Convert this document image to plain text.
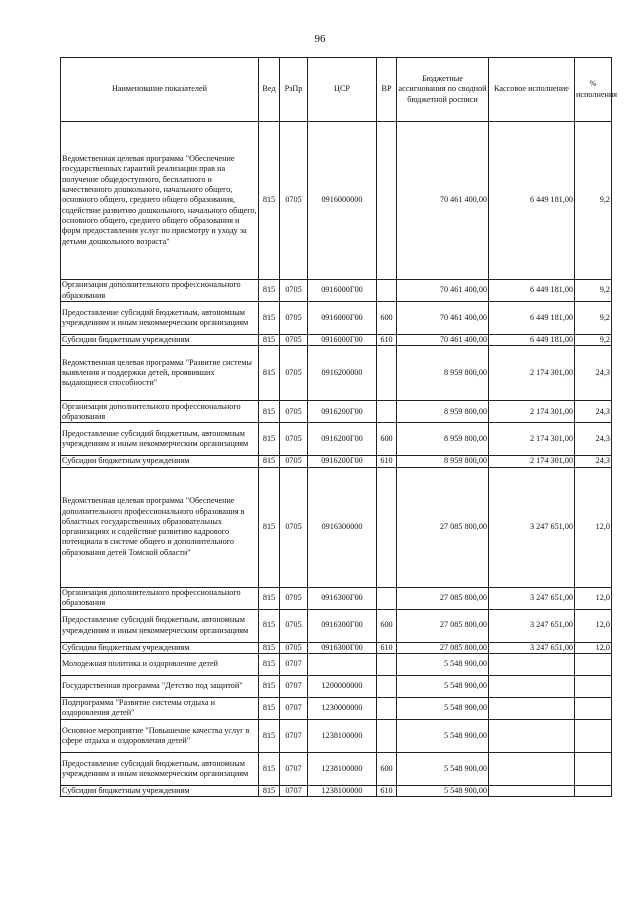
96
Наименование показателей	Вед	РзПр	ЦСР	ВР	Бюджетные ассигнования по сводной бюджетной росписи	Кассовое исполнение	% исполнения
Ведомственная целевая программа "Обеспечение государственных гарантий реализации прав на получение общедоступного, бесплатного и качественного дошкольного, начального общего, основного общего, среднего общего образования, содействие развитию дошкольного, начального общего, основного общего, среднего общего образования и форм предоставления услуг по присмотру и уходу за детьми дошкольного возраста"	815	0705	0916000000		70 461 400,00	6 449 181,00	9,2
Организация дополнительного профессионального образования	815	0705	0916000Г00		70 461 400,00	6 449 181,00	9,2
Предоставление субсидий бюджетным, автономным учреждениям и иным некоммерческим организациям	815	0705	0916000Г00	600	70 461 400,00	6 449 181,00	9,2
Субсидии бюджетным учреждениям	815	0705	0916000Г00	610	70 461 400,00	6 449 181,00	9,2
Ведомственная целевая программа "Развитие системы выявления и поддержки детей, проявивших выдающиеся способности"	815	0705	0916200000		8 959 800,00	2 174 301,00	24,3
Организация дополнительного профессионального образования	815	0705	0916200Г00		8 959 800,00	2 174 301,00	24,3
Предоставление субсидий бюджетным, автономным учреждениям и иным некоммерческим организациям	815	0705	0916200Г00	600	8 959 800,00	2 174 301,00	24,3
Субсидии бюджетным учреждениям	815	0705	0916200Г00	610	8 959 800,00	2 174 301,00	24,3
Ведомственная целевая программа "Обеспечение дополнительного профессионального образования в областных государственных образовательных организациях и содействие развитию кадрового потенциала в системе общего и дополнительного образования детей Томской области"	815	0705	0916300000		27 085 800,00	3 247 651,00	12,0
Организация дополнительного профессионального образования	815	0705	0916300Г00		27 085 800,00	3 247 651,00	12,0
Предоставление субсидий бюджетным, автономным учреждениям и иным некоммерческим организациям	815	0705	0916300Г00	600	27 085 800,00	3 247 651,00	12,0
Субсидии бюджетным учреждениям	815	0705	0916300Г00	610	27 085 800,00	3 247 651,00	12,0
Молодежная политика и оздоровление детей	815	0707			5 548 900,00		
Государственная программа "Детство под защитой"	815	0707	1200000000		5 548 900,00		
Подпрограмма "Развитие системы отдыха и оздоровления детей"	815	0707	1230000000		5 548 900,00		
Основное мероприятие "Повышение качества услуг в сфере отдыха и оздоровления детей"	815	0707	1238100000		5 548 900,00		
Предоставление субсидий бюджетным, автономным учреждениям и иным некоммерческим организациям	815	0707	1238100000	600	5 548 900,00		
Субсидии бюджетным учреждениям	815	0707	1238100000	610	5 548 900,00		
